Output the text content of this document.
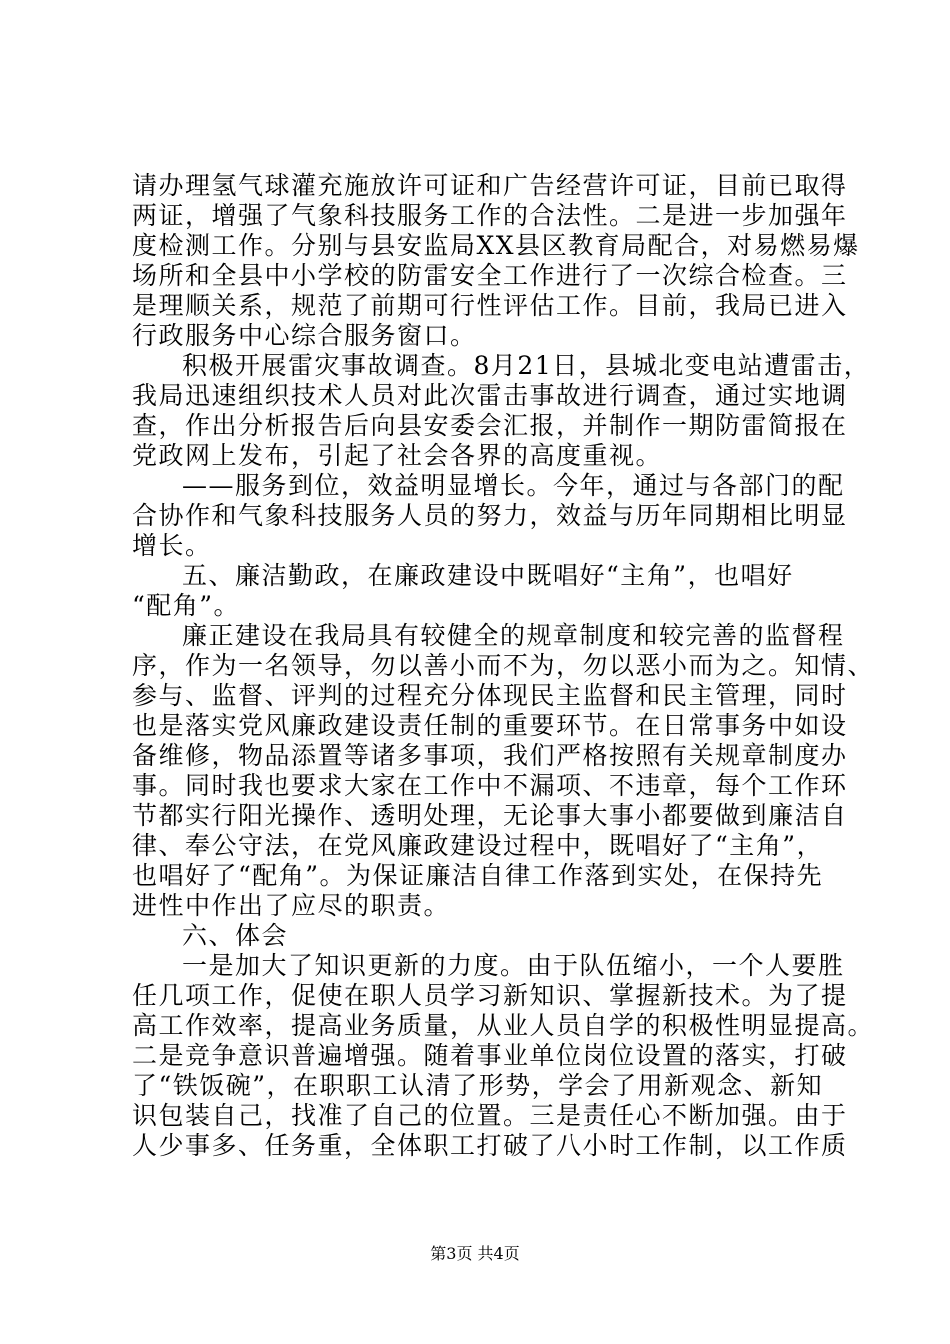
请办理氢气球灌充施放许可证和广告经营许可证，目前已取得
两证，增强了气象科技服务工作的合法性。二是进一步加强年
度检测工作。分别与县安监局XX县区教育局配合，对易燃易爆
场所和全县中小学校的防雷安全工作进行了一次综合检查。三
是理顺关系，规范了前期可行性评估工作。目前，我局已进入
行政服务中心综合服务窗口。
积极开展雷灾事故调查。8月21日，县城北变电站遭雷击，
我局迅速组织技术人员对此次雷击事故进行调查，通过实地调
查，作出分析报告后向县安委会汇报，并制作一期防雷简报在
党政网上发布，引起了社会各界的高度重视。
——服务到位，效益明显增长。今年，通过与各部门的配
合协作和气象科技服务人员的努力，效益与历年同期相比明显
增长。
五、廉洁勤政，在廉政建设中既唱好“主角”，也唱好
“配角”。
廉正建设在我局具有较健全的规章制度和较完善的监督程
序，作为一名领导，勿以善小而不为，勿以恶小而为之。知情、
参与、监督、评判的过程充分体现民主监督和民主管理，同时
也是落实党风廉政建设责任制的重要环节。在日常事务中如设
备维修，物品添置等诸多事项，我们严格按照有关规章制度办
事。同时我也要求大家在工作中不漏项、不违章，每个工作环
节都实行阳光操作、透明处理，无论事大事小都要做到廉洁自
律、奉公守法，在党风廉政建设过程中，既唱好了“主角”，
也唱好了“配角”。为保证廉洁自律工作落到实处，在保持先
进性中作出了应尽的职责。
六、体会
一是加大了知识更新的力度。由于队伍缩小，一个人要胜
任几项工作，促使在职人员学习新知识、掌握新技术。为了提
高工作效率，提高业务质量，从业人员自学的积极性明显提高。
二是竞争意识普遍增强。随着事业单位岗位设置的落实，打破
了“铁饭碗”，在职职工认清了形势，学会了用新观念、新知
识包装自己，找准了自己的位置。三是责任心不断加强。由于
人少事多、任务重，全体职工打破了八小时工作制，以工作质
第3页 共4页
